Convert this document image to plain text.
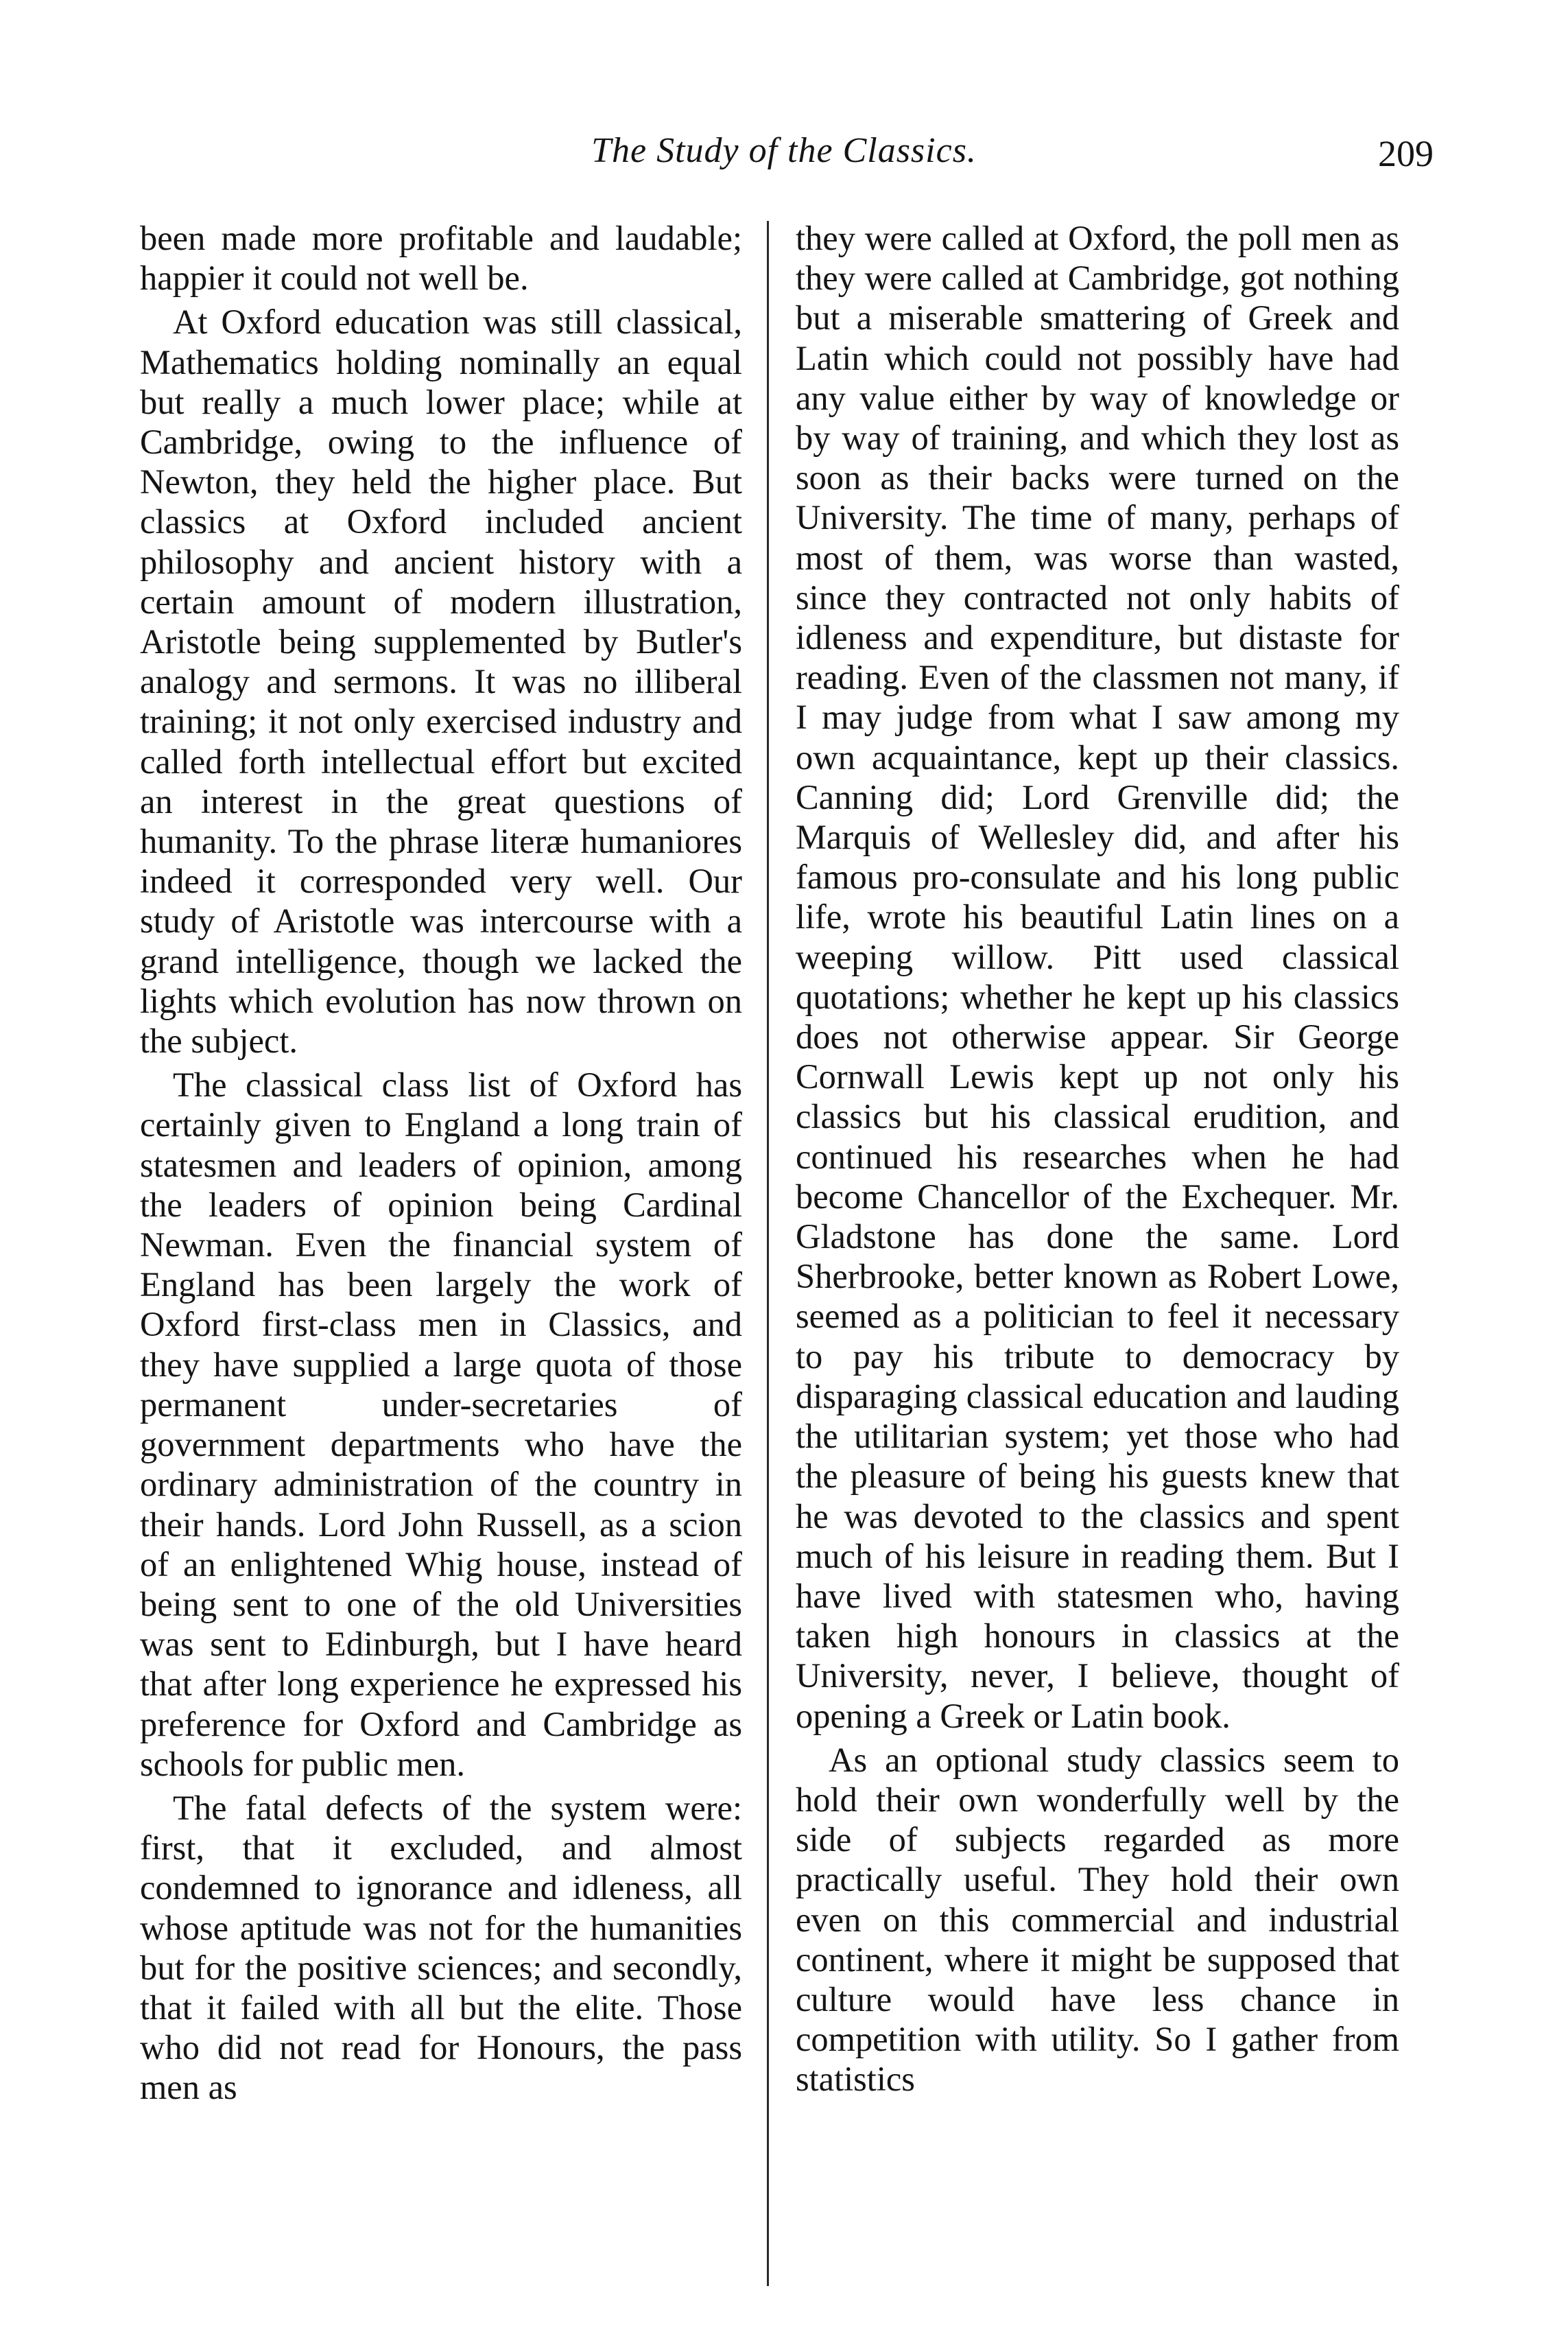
The Study of the Classics.	209

been made more profitable and laudable; happier it could not well be.

At Oxford education was still classical, Mathematics holding nominally an equal but really a much lower place; while at Cambridge, owing to the influence of Newton, they held the higher place. But classics at Oxford included ancient philosophy and ancient history with a certain amount of modern illustration, Aristotle being supplemented by Butler's analogy and sermons. It was no illiberal training; it not only exercised industry and called forth intellectual effort but excited an interest in the great questions of humanity. To the phrase literæ humaniores indeed it corresponded very well. Our study of Aristotle was intercourse with a grand intelligence, though we lacked the lights which evolution has now thrown on the subject.

The classical class list of Oxford has certainly given to England a long train of statesmen and leaders of opinion, among the leaders of opinion being Cardinal Newman. Even the financial system of England has been largely the work of Oxford first-class men in Classics, and they have supplied a large quota of those permanent under-secretaries of government departments who have the ordinary administration of the country in their hands. Lord John Russell, as a scion of an enlightened Whig house, instead of being sent to one of the old Universities was sent to Edinburgh, but I have heard that after long experience he expressed his preference for Oxford and Cambridge as schools for public men.

The fatal defects of the system were: first, that it excluded, and almost condemned to ignorance and idleness, all whose aptitude was not for the humanities but for the positive sciences; and secondly, that it failed with all but the elite. Those who did not read for Honours, the pass men as

they were called at Oxford, the poll men as they were called at Cambridge, got nothing but a miserable smattering of Greek and Latin which could not possibly have had any value either by way of knowledge or by way of training, and which they lost as soon as their backs were turned on the University. The time of many, perhaps of most of them, was worse than wasted, since they contracted not only habits of idleness and expenditure, but distaste for reading. Even of the classmen not many, if I may judge from what I saw among my own acquaintance, kept up their classics. Canning did; Lord Grenville did; the Marquis of Wellesley did, and after his famous pro-consulate and his long public life, wrote his beautiful Latin lines on a weeping willow. Pitt used classical quotations; whether he kept up his classics does not otherwise appear. Sir George Cornwall Lewis kept up not only his classics but his classical erudition, and continued his researches when he had become Chancellor of the Exchequer. Mr. Gladstone has done the same. Lord Sherbrooke, better known as Robert Lowe, seemed as a politician to feel it necessary to pay his tribute to democracy by disparaging classical education and lauding the utilitarian system; yet those who had the pleasure of being his guests knew that he was devoted to the classics and spent much of his leisure in reading them. But I have lived with statesmen who, having taken high honours in classics at the University, never, I believe, thought of opening a Greek or Latin book.

As an optional study classics seem to hold their own wonderfully well by the side of subjects regarded as more practically useful. They hold their own even on this commercial and industrial continent, where it might be supposed that culture would have less chance in competition with utility. So I gather from statistics
